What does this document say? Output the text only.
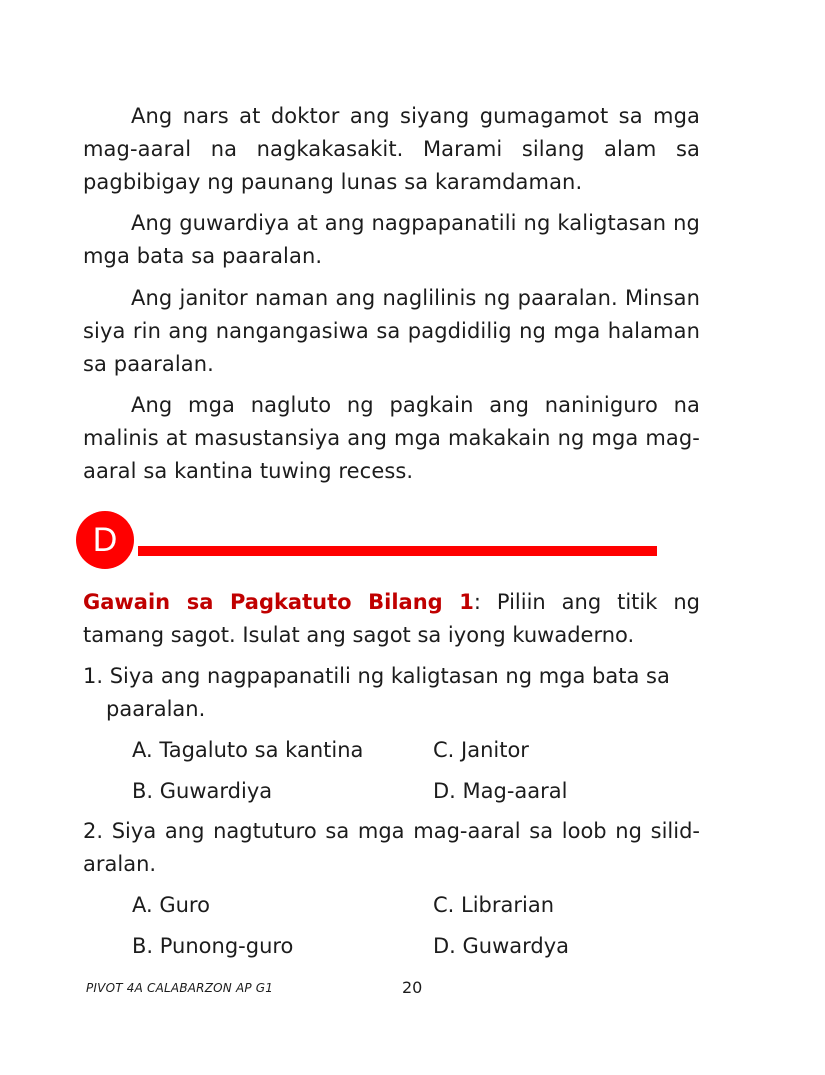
Ang nars at doktor ang siyang gumagamot sa mga mag-aaral na nagkakasakit. Marami silang alam sa pagbibigay ng paunang lunas sa karamdaman.

Ang guwardiya at ang nagpapanatili ng kaligtasan ng mga bata sa paaralan.

Ang janitor naman ang naglilinis ng paaralan. Minsan siya rin ang nangangasiwa sa pagdidilig ng mga halaman sa paaralan.

Ang mga nagluto ng pagkain ang naniniguro na malinis at masustansiya ang mga makakain ng mga mag-aaral sa kantina tuwing recess.

D

Gawain sa Pagkatuto Bilang 1: Piliin ang titik ng tamang sagot. Isulat ang sagot sa iyong kuwaderno.

1. Siya ang nagpapanatili ng kaligtasan ng mga bata sa paaralan.

A. Tagaluto sa kantina	C. Janitor
B. Guwardiya	D. Mag-aaral

2. Siya ang nagtuturo sa mga mag-aaral sa loob ng silid-aralan.

A. Guro	C. Librarian
B. Punong-guro	D. Guwardya
PIVOT 4A CALABARZON AP G1	20
